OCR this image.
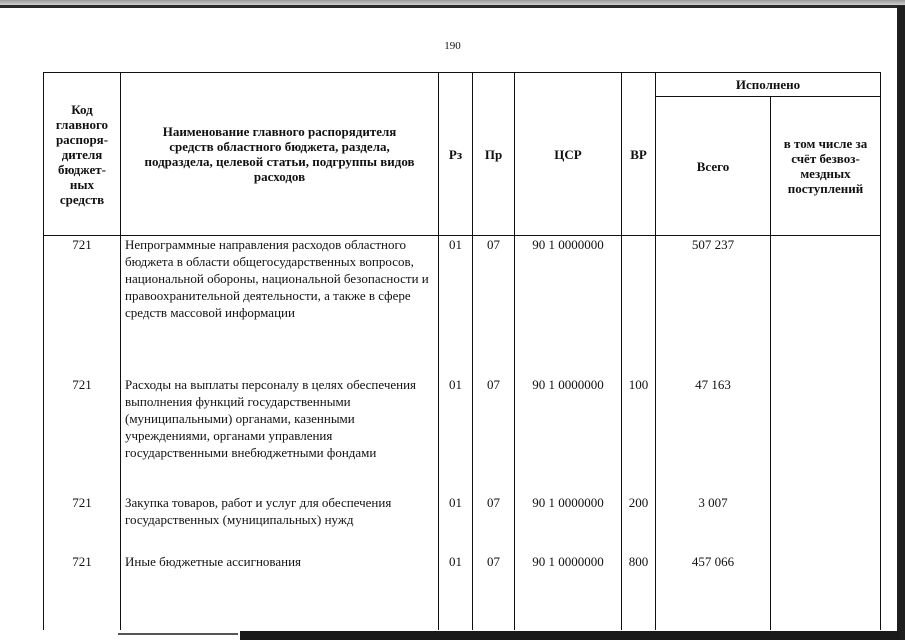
190
Код главного распоря-дителя бюджет-ных средств	Наименование главного распорядителя средств областного бюджета, раздела, подраздела, целевой статьи, подгруппы видов расходов	Рз	Пр	ЦСР	ВР	Исполнено	
						Всего	в том числе за счёт безвоз-мездных поступлений
721	Непрограммные направления расходов областного бюджета в области общегосударственных вопросов, национальной обороны, национальной безопасности и правоохранительной деятельности, а также в сфере средств массовой информации	01	07	90 1 0000000		507 237	
721	Расходы на выплаты персоналу в целях обеспечения выполнения функций государственными (муниципальными) органами, казенными учреждениями, органами управления государственными внебюджетными фондами	01	07	90 1 0000000	100	47 163	
721	Закупка товаров, работ и услуг для обеспечения государственных (муниципальных) нужд	01	07	90 1 0000000	200	3 007	
721	Иные бюджетные ассигнования	01	07	90 1 0000000	800	457 066	
